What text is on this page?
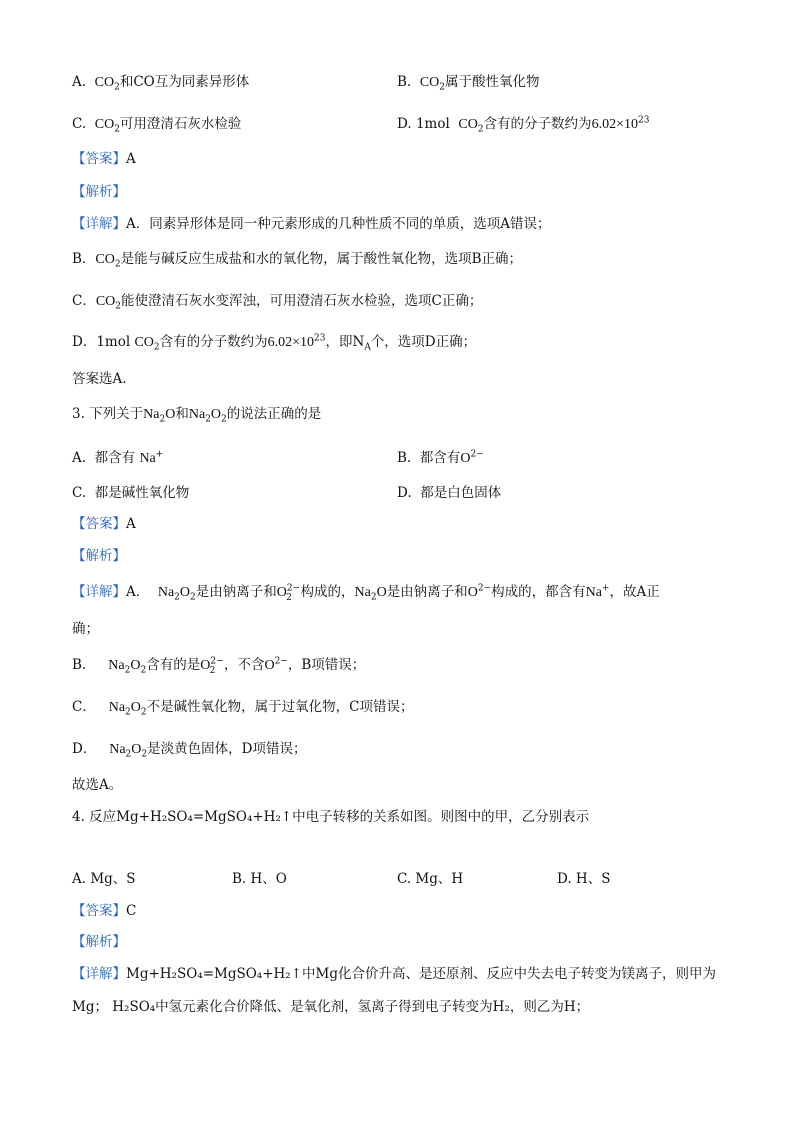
A. $CO_2$和CO互为同素异形体	B. $CO_2$属于酸性氧化物
C. $CO_2$可用澄清石灰水检验	D. 1mol $CO_2$含有的分子数约为$6.02\times 10^{23}$
【答案】A
【解析】
【详解】A．同素异形体是同一种元素形成的几种性质不同的单质，选项A错误；
B．$CO_2$是能与碱反应生成盐和水的氧化物，属于酸性氧化物，选项B正确；
C．$CO_2$能使澄清石灰水变浑浊，可用澄清石灰水检验，选项C正确；
D．1mol $CO_2$含有的分子数约为$6.02\times 10^{23}$，即$N_A$个，选项D正确；
答案选A.
3. 下列关于$Na_2O$和$Na_2O_2$的说法正确的是
A. 都含有 Na+	B. 都含有$O^{2-}$
C. 都是碱性氧化物	D. 都是白色固体
【答案】A
【解析】
【详解】A． $Na_2O_2$是由钠离子和$O^{2-}_2$ 构成的，$Na_2O$是由钠离子和$O^{2-}$构成的，都含有Na+，故A正
确；
B． $Na_2O_2$含有的是$O^{2-}_2$ ，不含$O^{2-}$，B项错误；
C． $Na_2O_2$不是碱性氧化物，属于过氧化物，C项错误；
D． $Na_2O_2$是淡黄色固体，D项错误；
故选A。
4. 反应Mg+H₂SO₄=MgSO₄+H₂↑中电子转移的关系如图。则图中的甲，乙分别表示
A. Mg、S	B. H、O	C. Mg、H	D. H、S
【答案】C
【解析】
【详解】Mg+H₂SO₄=MgSO₄+H₂↑中Mg化合价升高、是还原剂、反应中失去电子转变为镁离子，则甲为
Mg； H₂SO₄中氢元素化合价降低、是氧化剂，氢离子得到电子转变为H₂，则乙为H；
